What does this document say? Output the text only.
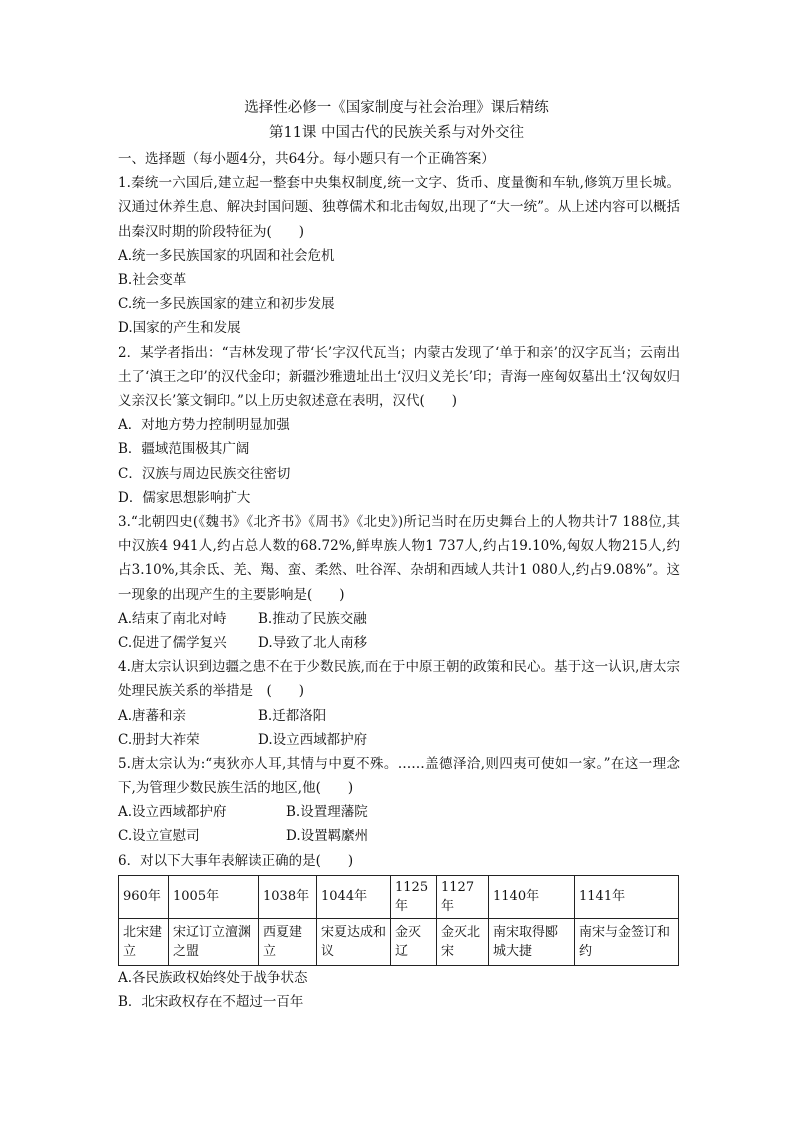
选择性必修一《国家制度与社会治理》课后精练
第11课 中国古代的民族关系与对外交往
一、选择题（每小题4分，共64分。每小题只有一个正确答案）
1.秦统一六国后,建立起一整套中央集权制度,统一文字、货币、度量衡和车轨,修筑万里长城。汉通过休养生息、解决封国问题、独尊儒术和北击匈奴,出现了“大一统”。从上述内容可以概括出秦汉时期的阶段特征为(　　)
A.统一多民族国家的巩固和社会危机
B.社会变革
C.统一多民族国家的建立和初步发展
D.国家的产生和发展
2．某学者指出：“吉林发现了带‘长’字汉代瓦当；内蒙古发现了‘单于和亲’的汉字瓦当；云南出土了‘滇王之印’的汉代金印；新疆沙雅遗址出土‘汉归义羌长’印；青海一座匈奴墓出土‘汉匈奴归义亲汉长’篆文铜印。”以上历史叙述意在表明，汉代(　　)
A．对地方势力控制明显加强
B．疆域范围极其广阔
C．汉族与周边民族交往密切
D．儒家思想影响扩大
3.“北朝四史(《魏书》《北齐书》《周书》《北史》)所记当时在历史舞台上的人物共计7 188位,其中汉族4 941人,约占总人数的68.72%,鲜卑族人物1 737人,约占19.10%,匈奴人物215人,约占3.10%,其余氐、羌、羯、蛮、柔然、吐谷浑、杂胡和西域人共计1 080人,约占9.08%”。这一现象的出现产生的主要影响是(　　)
A.结束了南北对峙	B.推动了民族交融
C.促进了儒学复兴	D.导致了北人南移
4.唐太宗认识到边疆之患不在于少数民族,而在于中原王朝的政策和民心。基于这一认识,唐太宗处理民族关系的举措是　(　　)
A.唐蕃和亲	B.迁都洛阳
C.册封大祚荣	D.设立西域都护府
5.唐太宗认为:“夷狄亦人耳,其情与中夏不殊。……盖德泽洽,则四夷可使如一家。”在这一理念下,为管理少数民族生活的地区,他(　　)
A.设立西域都护府	B.设置理藩院
C.设立宣慰司	D.设置羁縻州
6．对以下大事年表解读正确的是(　　)
960年	1005年	1038年	1044年	1125年	1127年	1140年	1141年
北宋建立	宋辽订立澶渊之盟	西夏建立	宋夏达成和议	金灭辽	金灭北宋	南宋取得郾城大捷	南宋与金签订和约
A.各民族政权始终处于战争状态
B．北宋政权存在不超过一百年
